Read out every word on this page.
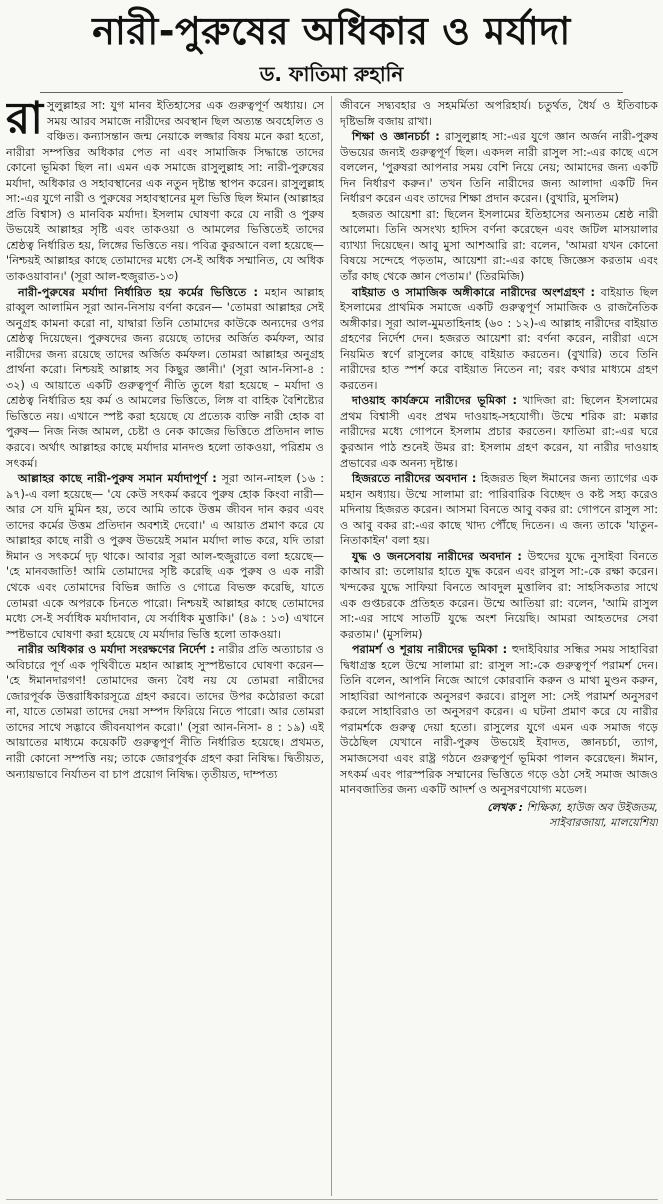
নারী-পুরুষের অধিকার ও মর্যাদা
ড. ফাতিমা রুহানি

রাসুলুল্লাহর সা: যুগ মানব ইতিহাসের এক গুরুত্বপূর্ণ অধ্যায়। সে সময় আরব সমাজে নারীদের অবস্থান ছিল অত্যন্ত অবহেলিত ও বঞ্চিত। কন্যাসন্তান জন্ম নেয়াকে লজ্জার বিষয় মনে করা হতো, নারীরা সম্পত্তির অধিকার পেত না এবং সামাজিক সিদ্ধান্তে তাদের কোনো ভূমিকা ছিল না। এমন এক সমাজে রাসুলুল্লাহ সা: নারী-পুরুষের মর্যাদা, অধিকার ও সহাবস্থানের এক নতুন দৃষ্টান্ত স্থাপন করেন। রাসুলুল্লাহ সা:-এর যুগে নারী ও পুরুষের সহাবস্থানের মূল ভিত্তি ছিল ঈমান (আল্লাহর প্রতি বিশ্বাস) ও মানবিক মর্যাদা। ইসলাম ঘোষণা করে যে নারী ও পুরুষ উভয়েই আল্লাহর সৃষ্টি এবং তাকওয়া ও আমলের ভিত্তিতেই তাদের শ্রেষ্ঠত্ব নির্ধারিত হয়, লিঙ্গের ভিত্তিতে নয়। পবিত্র কুরআনে বলা হয়েছে— 'নিশ্চয়ই আল্লাহর কাছে তোমাদের মধ্যে সে-ই অধিক সম্মানিত, যে অধিক তাকওয়াবান।' (সূরা আল-হুজুরাত-১৩)

নারী-পুরুষের মর্যাদা নির্ধারিত হয় কর্মের ভিত্তিতে : মহান আল্লাহ রাব্বুল আলামিন সূরা আন-নিসায় বর্ণনা করেন— 'তোমরা আল্লাহর সেই অনুগ্রহ কামনা করো না, যাদ্বারা তিনি তোমাদের কাউকে অন্যদের ওপর শ্রেষ্ঠত্ব দিয়েছেন। পুরুষদের জন্য রয়েছে তাদের অর্জিত কর্মফল, আর নারীদের জন্য রয়েছে তাদের অর্জিত কর্মফল। তোমরা আল্লাহর অনুগ্রহ প্রার্থনা করো। নিশ্চয়ই আল্লাহ সব কিছুর জ্ঞানী।' (সূরা আন-নিসা-৪ : ৩২) এ আয়াতে একটি গুরুত্বপূর্ণ নীতি তুলে ধরা হয়েছে – মর্যাদা ও শ্রেষ্ঠত্ব নির্ধারিত হয় কর্ম ও আমলের ভিত্তিতে, লিঙ্গ বা বাহিক বৈশিষ্ট্যের ভিত্তিতে নয়। এখানে স্পষ্ট করা হয়েছে যে প্রত্যেক ব্যক্তি নারী হোক বা পুরুষ— নিজ নিজ আমল, চেষ্টা ও নেক কাজের ভিত্তিতে প্রতিদান লাভ করবে। অর্থাৎ আল্লাহর কাছে মর্যাদার মানদণ্ড হলো তাকওয়া, পরিশ্রম ও সৎকর্ম।

আল্লাহর কাছে নারী-পুরুষ সমান মর্যাদাপূর্ণ : সূরা আন-নাহল (১৬ : ৯৭)-এ বলা হয়েছে— 'যে কেউ সৎকর্ম করবে পুরুষ হোক কিংবা নারী— আর সে যদি মুমিন হয়, তবে আমি তাকে উত্তম জীবন দান করব এবং তাদের কর্মের উত্তম প্রতিদান অবশ্যই দেবো।' এ আয়াত প্রমাণ করে যে আল্লাহর কাছে নারী ও পুরুষ উভয়েই সমান মর্যাদা লাভ করে, যদি তারা ঈমান ও সৎকর্মে দৃঢ় থাকে। আবার সূরা আল-হুজুরাতে বলা হয়েছে— 'হে মানবজাতি! আমি তোমাদের সৃষ্টি করেছি এক পুরুষ ও এক নারী থেকে এবং তোমাদের বিভিন্ন জাতি ও গোত্রে বিভক্ত করেছি, যাতে তোমরা একে অপরকে চিনতে পারো। নিশ্চয়ই আল্লাহর কাছে তোমাদের মধ্যে সে-ই সর্বাধিক মর্যাদাবান, যে সর্বাধিক মুত্তাকি।' (৪৯ : ১৩) এখানে স্পষ্টভাবে ঘোষণা করা হয়েছে যে মর্যাদার ভিত্তি হলো তাকওয়া।

নারীর অধিকার ও মর্যাদা সংরক্ষণের নির্দেশ : নারীর প্রতি অত্যাচার ও অবিচারে পূর্ণ এক পৃথিবীতে মহান আল্লাহ সুস্পষ্টভাবে ঘোষণা করেন— 'হে ঈমানদারগণ! তোমাদের জন্য বৈধ নয় যে তোমরা নারীদের জোরপূর্বক উত্তরাধিকারসূত্রে গ্রহণ করবে। তাদের উপর কঠোরতা করো না, যাতে তোমরা তাদের দেয়া সম্পদ ফিরিয়ে নিতে পারো। আর তোমরা তাদের সাথে সদ্ভাবে জীবনযাপন করো।' (সূরা আন-নিসা- ৪ : ১৯) এই আয়াতের মাধ্যমে কয়েকটি গুরুত্বপূর্ণ নীতি নির্ধারিত হয়েছে। প্রথমত, নারী কোনো সম্পত্তি নয়; তাকে জোরপূর্বক গ্রহণ করা নিষিদ্ধ। দ্বিতীয়ত, অন্যায়ভাবে নির্যাতন বা চাপ প্রয়োগ নিষিদ্ধ। তৃতীয়ত, দাম্পত্য

জীবনে সদ্ব্যবহার ও সহমর্মিতা অপরিহার্য। চতুর্থত, ধৈর্য ও ইতিবাচক দৃষ্টিভঙ্গি বজায় রাখা।

শিক্ষা ও জ্ঞানচর্চা : রাসুলুল্লাহ সা:-এর যুগে জ্ঞান অর্জন নারী-পুরুষ উভয়ের জন্যই গুরুত্বপূর্ণ ছিল। একদল নারী রাসুল সা:-এর কাছে এসে বললেন, 'পুরুষরা আপনার সময় বেশি নিয়ে নেয়; আমাদের জন্য একটি দিন নির্ধারণ করুন।' তখন তিনি নারীদের জন্য আলাদা একটি দিন নির্ধারণ করেন এবং তাদের শিক্ষা প্রদান করেন। (বুখারি, মুসলিম)

হজরত আয়েশা রা: ছিলেন ইসলামের ইতিহাসের অন্যতম শ্রেষ্ঠ নারী আলেমা। তিনি অসংখ্য হাদিস বর্ণনা করেছেন এবং জটিল মাসয়ালার ব্যাখ্যা দিয়েছেন। আবু মুসা আশআরি রা: বলেন, 'আমরা যখন কোনো বিষয়ে সন্দেহে পড়তাম, আয়েশা রা:-এর কাছে জিজ্ঞেস করতাম এবং তাঁর কাছ থেকে জ্ঞান পেতাম।' (তিরমিজি)

বাইয়াত ও সামাজিক অঙ্গীকারে নারীদের অংশগ্রহণ : বাইয়াত ছিল ইসলামের প্রাথমিক সমাজে একটি গুরুত্বপূর্ণ সামাজিক ও রাজনৈতিক অঙ্গীকার। সূরা আল-মুমতাহিনাহ (৬০ : ১২)-এ আল্লাহ নারীদের বাইয়াত গ্রহণের নির্দেশ দেন। হজরত আয়েশা রা: বর্ণনা করেন, নারীরা এসে নিয়মিত স্বর্ণে রাসুলের কাছে বাইয়াত করতেন। (বুখারি) তবে তিনি নারীদের হাত স্পর্শ করে বাইয়াত নিতেন না; বরং কথার মাধ্যমে গ্রহণ করতেন।

দাওয়াহ কার্যক্রমে নারীদের ভূমিকা : খাদিজা রা: ছিলেন ইসলামের প্রথম বিশ্বাসী এবং প্রথম দাওয়াহ-সহযোগী। উম্মে শরিক রা: মক্কার নারীদের মধ্যে গোপনে ইসলাম প্রচার করতেন। ফাতিমা রা:-এর ঘরে কুরআন পাঠ শুনেই উমর রা: ইসলাম গ্রহণ করেন, যা নারীর দাওয়াহ প্রভাবের এক অনন্য দৃষ্টান্ত।

হিজরতে নারীদের অবদান : হিজরত ছিল ঈমানের জন্য ত্যাগের এক মহান অধ্যায়। উম্মে সালামা রা: পারিবারিক বিচ্ছেদ ও কষ্ট সহ্য করেও মদিনায় হিজরত করেন। আসমা বিনতে আবু বকর রা: গোপনে রাসুল সা: ও আবু বকর রা:-এর কাছে খাদ্য পৌঁছে দিতেন। এ জন্য তাকে 'যাতুন-নিতাকাইন' বলা হয়।

যুদ্ধ ও জনসেবায় নারীদের অবদান : উহুদের যুদ্ধে নুসাইবা বিনতে কাআব রা: তলোয়ার হাতে যুদ্ধ করেন এবং রাসুল সা:-কে রক্ষা করেন। খন্দকের যুদ্ধে সাফিয়া বিনতে আবদুল মুত্তালিব রা: সাহসিকতার সাথে এক গুপ্তচরকে প্রতিহত করেন। উম্মে আতিয়া রা: বলেন, 'আমি রাসুল সা:-এর সাথে সাতটি যুদ্ধে অংশ নিয়েছি। আমরা আহতদের সেবা করতাম।' (মুসলিম)

পরামর্শ ও শূরায় নারীদের ভূমিকা : হুদাইবিয়ার সন্ধির সময় সাহাবিরা দ্বিধাগ্রস্ত হলে উম্মে সালামা রা: রাসুল সা:-কে গুরুত্বপূর্ণ পরামর্শ দেন। তিনি বলেন, আপনি নিজে আগে কোরবানি করুন ও মাথা মুণ্ডন করুন, সাহাবিরা আপনাকে অনুসরণ করবে। রাসুল সা: সেই পরামর্শ অনুসরণ করলে সাহাবিরাও তা অনুসরণ করেন। এ ঘটনা প্রমাণ করে যে নারীর পরামর্শকে গুরুত্ব দেয়া হতো। রাসুলের যুগে এমন এক সমাজ গড়ে উঠেছিল যেখানে নারী-পুরুষ উভয়েই ইবাদত, জ্ঞানচর্চা, ত্যাগ, সমাজসেবা এবং রাষ্ট্র গঠনে গুরুত্বপূর্ণ ভূমিকা পালন করেছেন। ঈমান, সৎকর্ম এবং পারস্পরিক সম্মানের ভিত্তিতে গড়ে ওঠা সেই সমাজ আজও মানবজাতির জন্য একটি আদর্শ ও অনুসরণযোগ্য মডেল।

লেখক : শিক্ষিকা, হাউজ অব উইজডম,
সাইবারজায়া, মালয়েশিয়া
